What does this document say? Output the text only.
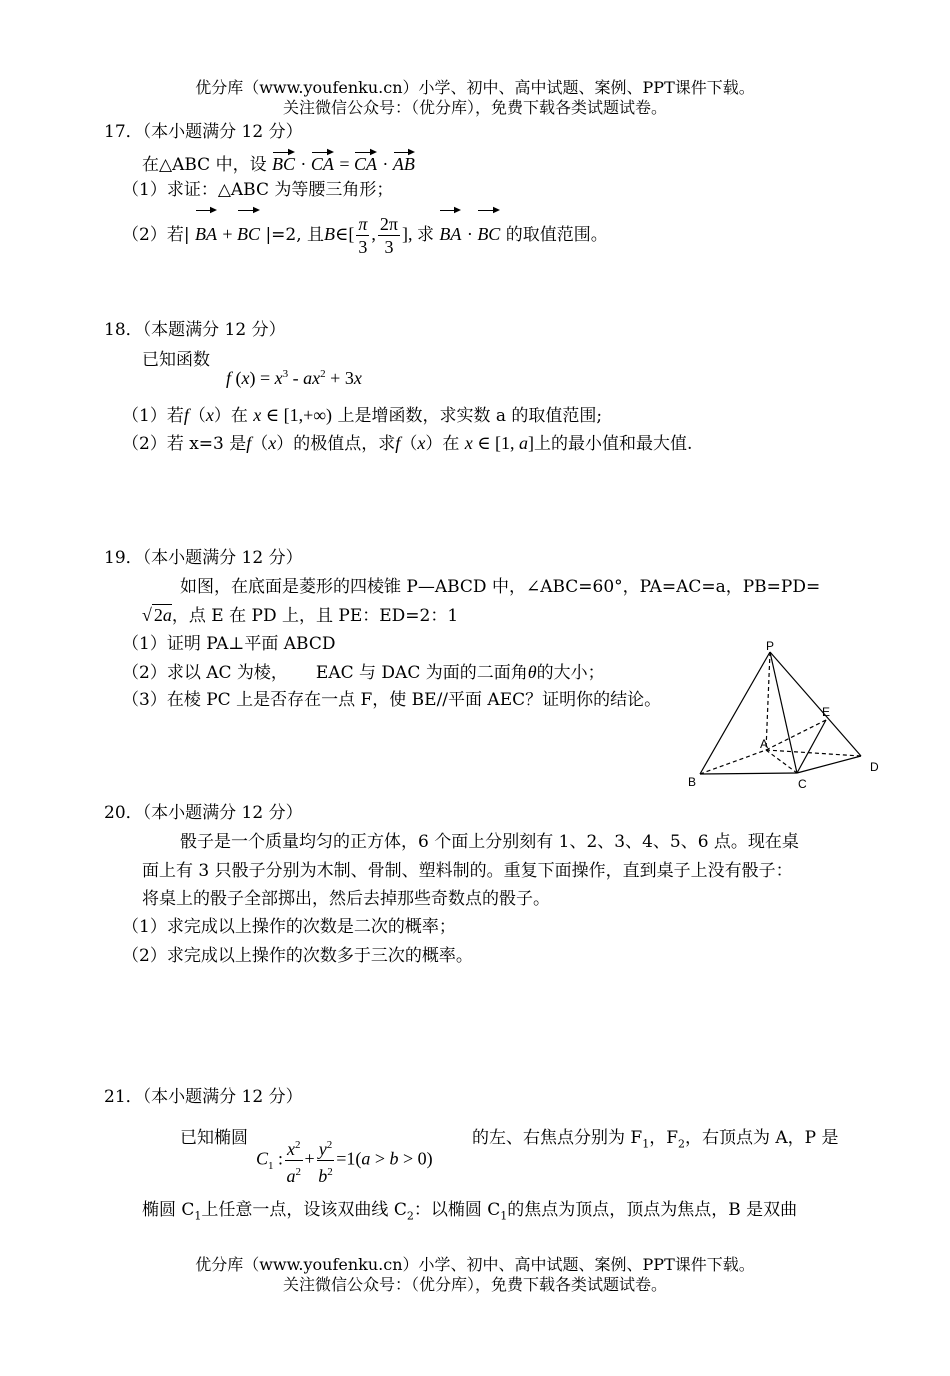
优分库（www.youfenku.cn）小学、初中、高中试题、案例、PPT课件下载。
关注微信公众号：（优分库），免费下载各类试题试卷。
17．（本小题满分 12 分）
在△ABC 中，设 BC · CA = CA · AB
（1）求证：△ABC 为等腰三角形；
（2）若| BA + BC |=2, 且B∈[ $\frac{\pi}{3}$ , $\frac{2\pi}{3}$ ], 求 BA · BC 的取值范围。
18．（本题满分 12 分）
已知函数
f $(x) = x^3 - ax^2 + 3x$
（1）若f（x）在 x ∈ [1,+∞) 上是增函数，求实数 a 的取值范围;
（2）若 x=3 是f（x）的极值点，求f（x）在 x ∈ [1, a]上的最小值和最大值.
19．（本小题满分 12 分）
如图，在底面是菱形的四棱锥 P—ABCD 中，∠ABC=60°，PA=AC=a，PB=PD=
√ 2a，点 E 在 PD 上，且 PE：ED=2：1
（1）证明 PA⊥平面 ABCD
（2）求以 AC 为棱， EAC 与 DAC 为面的二面角θ的大小；
（3）在棱 PC 上是否存在一点 F，使 BE//平面 AEC？证明你的结论。
P
A
B	C
D
E
20．（本小题满分 12 分）
骰子是一个质量均匀的正方体，6 个面上分别刻有 1、2、3、4、5、6 点。现在桌
面上有 3 只骰子分别为木制、骨制、塑料制的。重复下面操作，直到桌子上没有骰子：
将桌上的骰子全部掷出，然后去掉那些奇数点的骰子。
（1）求完成以上操作的次数是二次的概率；
（2）求完成以上操作的次数多于三次的概率。
21．（本小题满分 12 分）
已知椭圆
$C_1$ : $\frac{x^2}{a^2} + \frac{y^2}{b^2} =1(a > b > 0)$
的左、右焦点分别为 $F_1$，$F_2$，右顶点为 A，P 是
椭圆 $C_1$上任意一点，设该双曲线 $C_2$：以椭圆 $C_1$的焦点为顶点，顶点为焦点，B 是双曲
优分库（www.youfenku.cn）小学、初中、高中试题、案例、PPT课件下载。
关注微信公众号：（优分库），免费下载各类试题试卷。
